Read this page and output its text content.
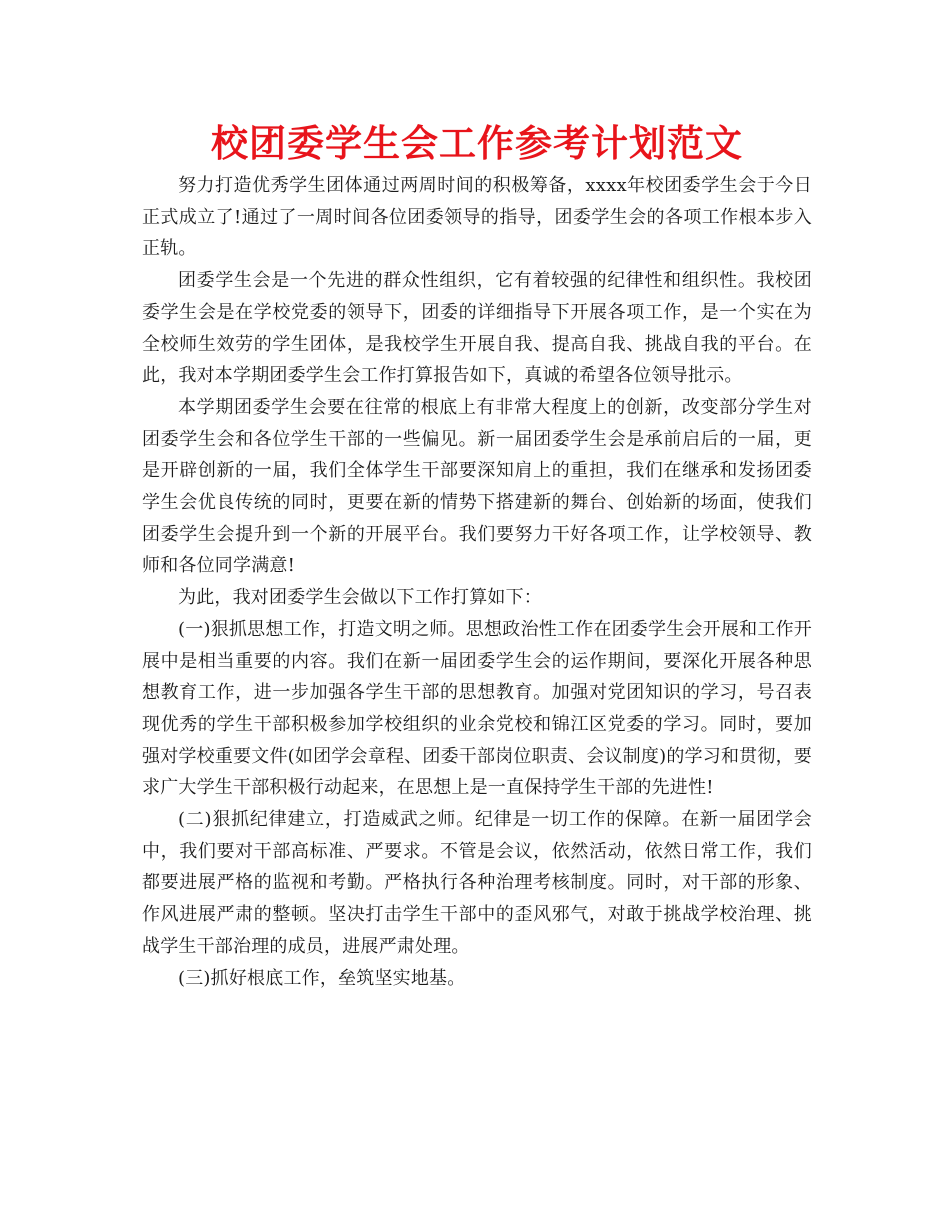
校团委学生会工作参考计划范文

努力打造优秀学生团体通过两周时间的积极筹备，xxxx年校团委学生会于今日正式成立了!通过了一周时间各位团委领导的指导，团委学生会的各项工作根本步入正轨。

团委学生会是一个先进的群众性组织，它有着较强的纪律性和组织性。我校团委学生会是在学校党委的领导下，团委的详细指导下开展各项工作，是一个实在为全校师生效劳的学生团体，是我校学生开展自我、提高自我、挑战自我的平台。在此，我对本学期团委学生会工作打算报告如下，真诚的希望各位领导批示。

本学期团委学生会要在往常的根底上有非常大程度上的创新，改变部分学生对团委学生会和各位学生干部的一些偏见。新一届团委学生会是承前启后的一届，更是开辟创新的一届，我们全体学生干部要深知肩上的重担，我们在继承和发扬团委学生会优良传统的同时，更要在新的情势下搭建新的舞台、创始新的场面，使我们团委学生会提升到一个新的开展平台。我们要努力干好各项工作，让学校领导、教师和各位同学满意!

为此，我对团委学生会做以下工作打算如下：

(一)狠抓思想工作，打造文明之师。思想政治性工作在团委学生会开展和工作开展中是相当重要的内容。我们在新一届团委学生会的运作期间，要深化开展各种思想教育工作，进一步加强各学生干部的思想教育。加强对党团知识的学习，号召表现优秀的学生干部积极参加学校组织的业余党校和锦江区党委的学习。同时，要加强对学校重要文件(如团学会章程、团委干部岗位职责、会议制度)的学习和贯彻，要求广大学生干部积极行动起来，在思想上是一直保持学生干部的先进性!

(二)狠抓纪律建立，打造威武之师。纪律是一切工作的保障。在新一届团学会中，我们要对干部高标准、严要求。不管是会议，依然活动，依然日常工作，我们都要进展严格的监视和考勤。严格执行各种治理考核制度。同时，对干部的形象、作风进展严肃的整顿。坚决打击学生干部中的歪风邪气，对敢于挑战学校治理、挑战学生干部治理的成员，进展严肃处理。

(三)抓好根底工作，垒筑坚实地基。
